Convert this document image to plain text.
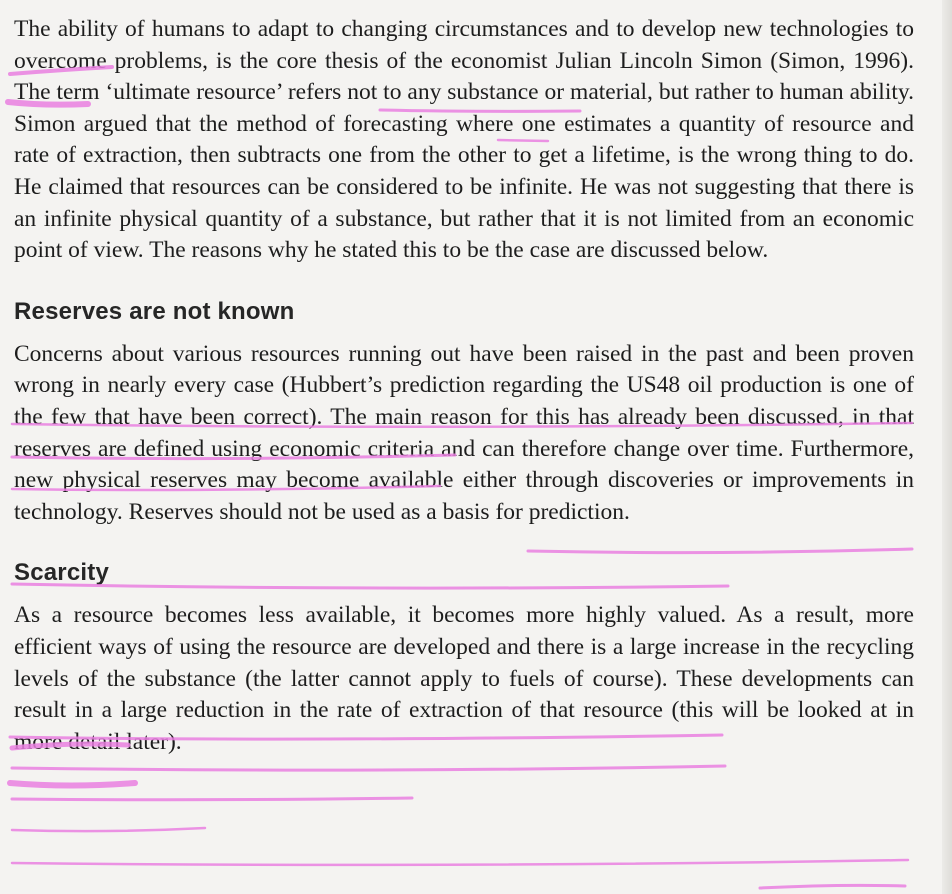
The ability of humans to adapt to changing circumstances and to develop new technologies to overcome problems, is the core thesis of the economist Julian Lincoln Simon (Simon, 1996). The term ‘ultimate resource’ refers not to any substance or material, but rather to human ability. Simon argued that the method of forecasting where one estimates a quantity of resource and rate of extraction, then subtracts one from the other to get a lifetime, is the wrong thing to do. He claimed that resources can be considered to be infinite. He was not suggesting that there is an infinite physical quantity of a substance, but rather that it is not limited from an economic point of view. The reasons why he stated this to be the case are discussed below.

Reserves are not known

Concerns about various resources running out have been raised in the past and been proven wrong in nearly every case (Hubbert’s prediction regarding the US48 oil production is one of the few that have been correct). The main reason for this has already been discussed, in that reserves are defined using economic criteria and can therefore change over time. Furthermore, new physical reserves may become available either through discoveries or improvements in technology. Reserves should not be used as a basis for prediction.

Scarcity

As a resource becomes less available, it becomes more highly valued. As a result, more efficient ways of using the resource are developed and there is a large increase in the recycling levels of the substance (the latter cannot apply to fuels of course). These developments can result in a large reduction in the rate of extraction of that resource (this will be looked at in more detail later).
